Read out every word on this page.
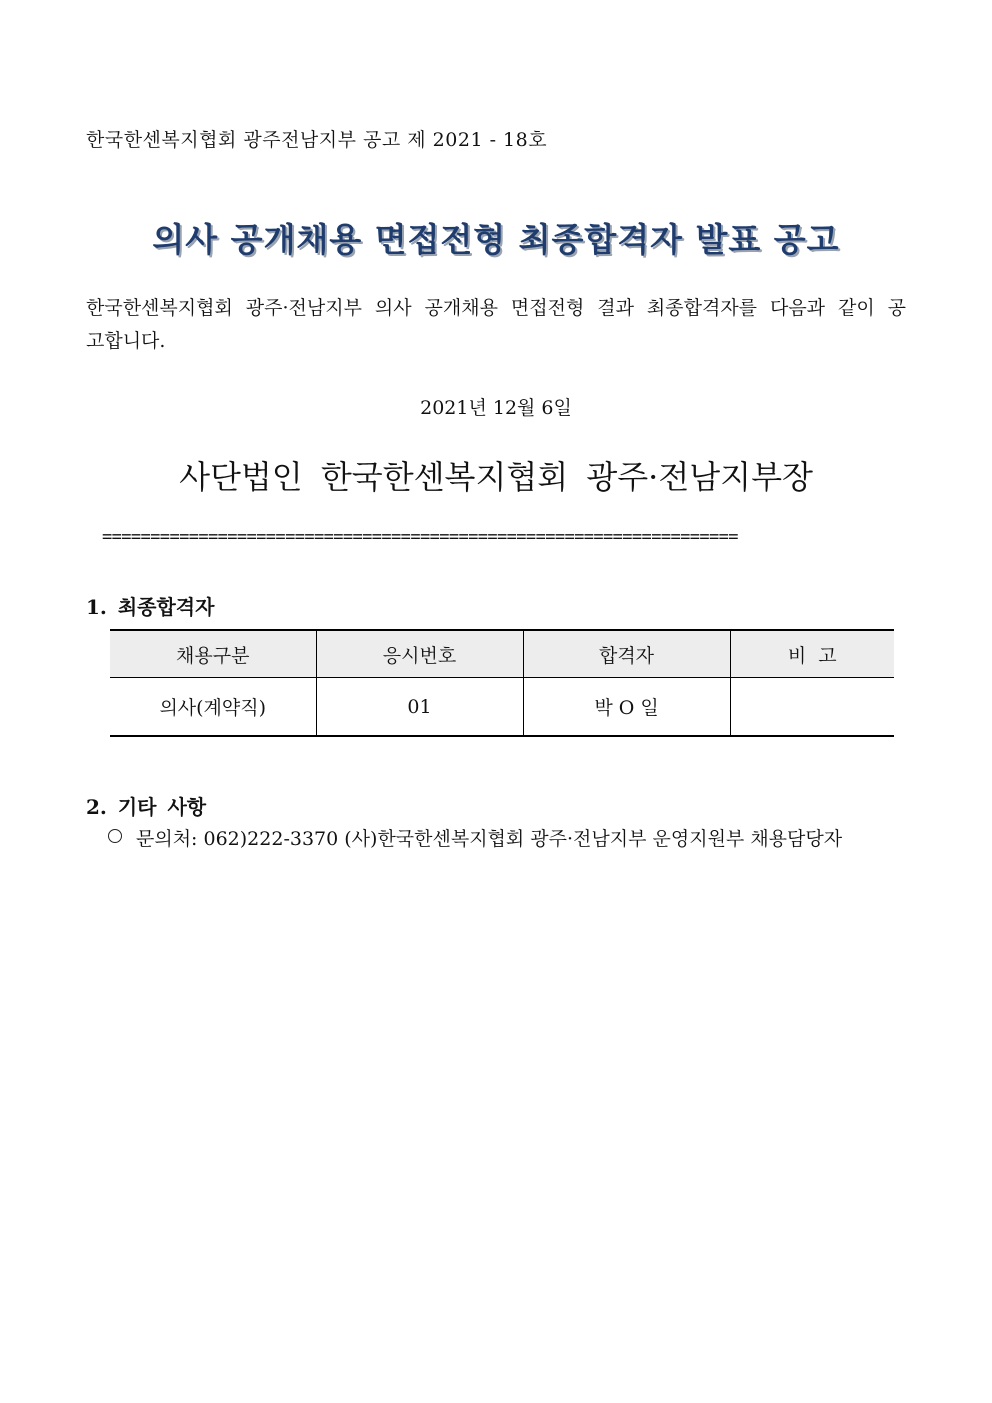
한국한센복지협회 광주전남지부 공고 제 2021 - 18호
의사 공개채용 면접전형 최종합격자 발표 공고
한국한센복지협회 광주·전남지부 의사 공개채용 면접전형 결과 최종합격자를 다음과 같이 공고합니다.
2021년 12월 6일
사단법인 한국한센복지협회 광주·전남지부장
==================================================================
1. 최종합격자
채용구분	응시번호	합격자	비  고
의사(계약직)	01	박 O 일	
2. 기타 사항
문의처: 062)222-3370 (사)한국한센복지협회 광주·전남지부 운영지원부 채용담당자
